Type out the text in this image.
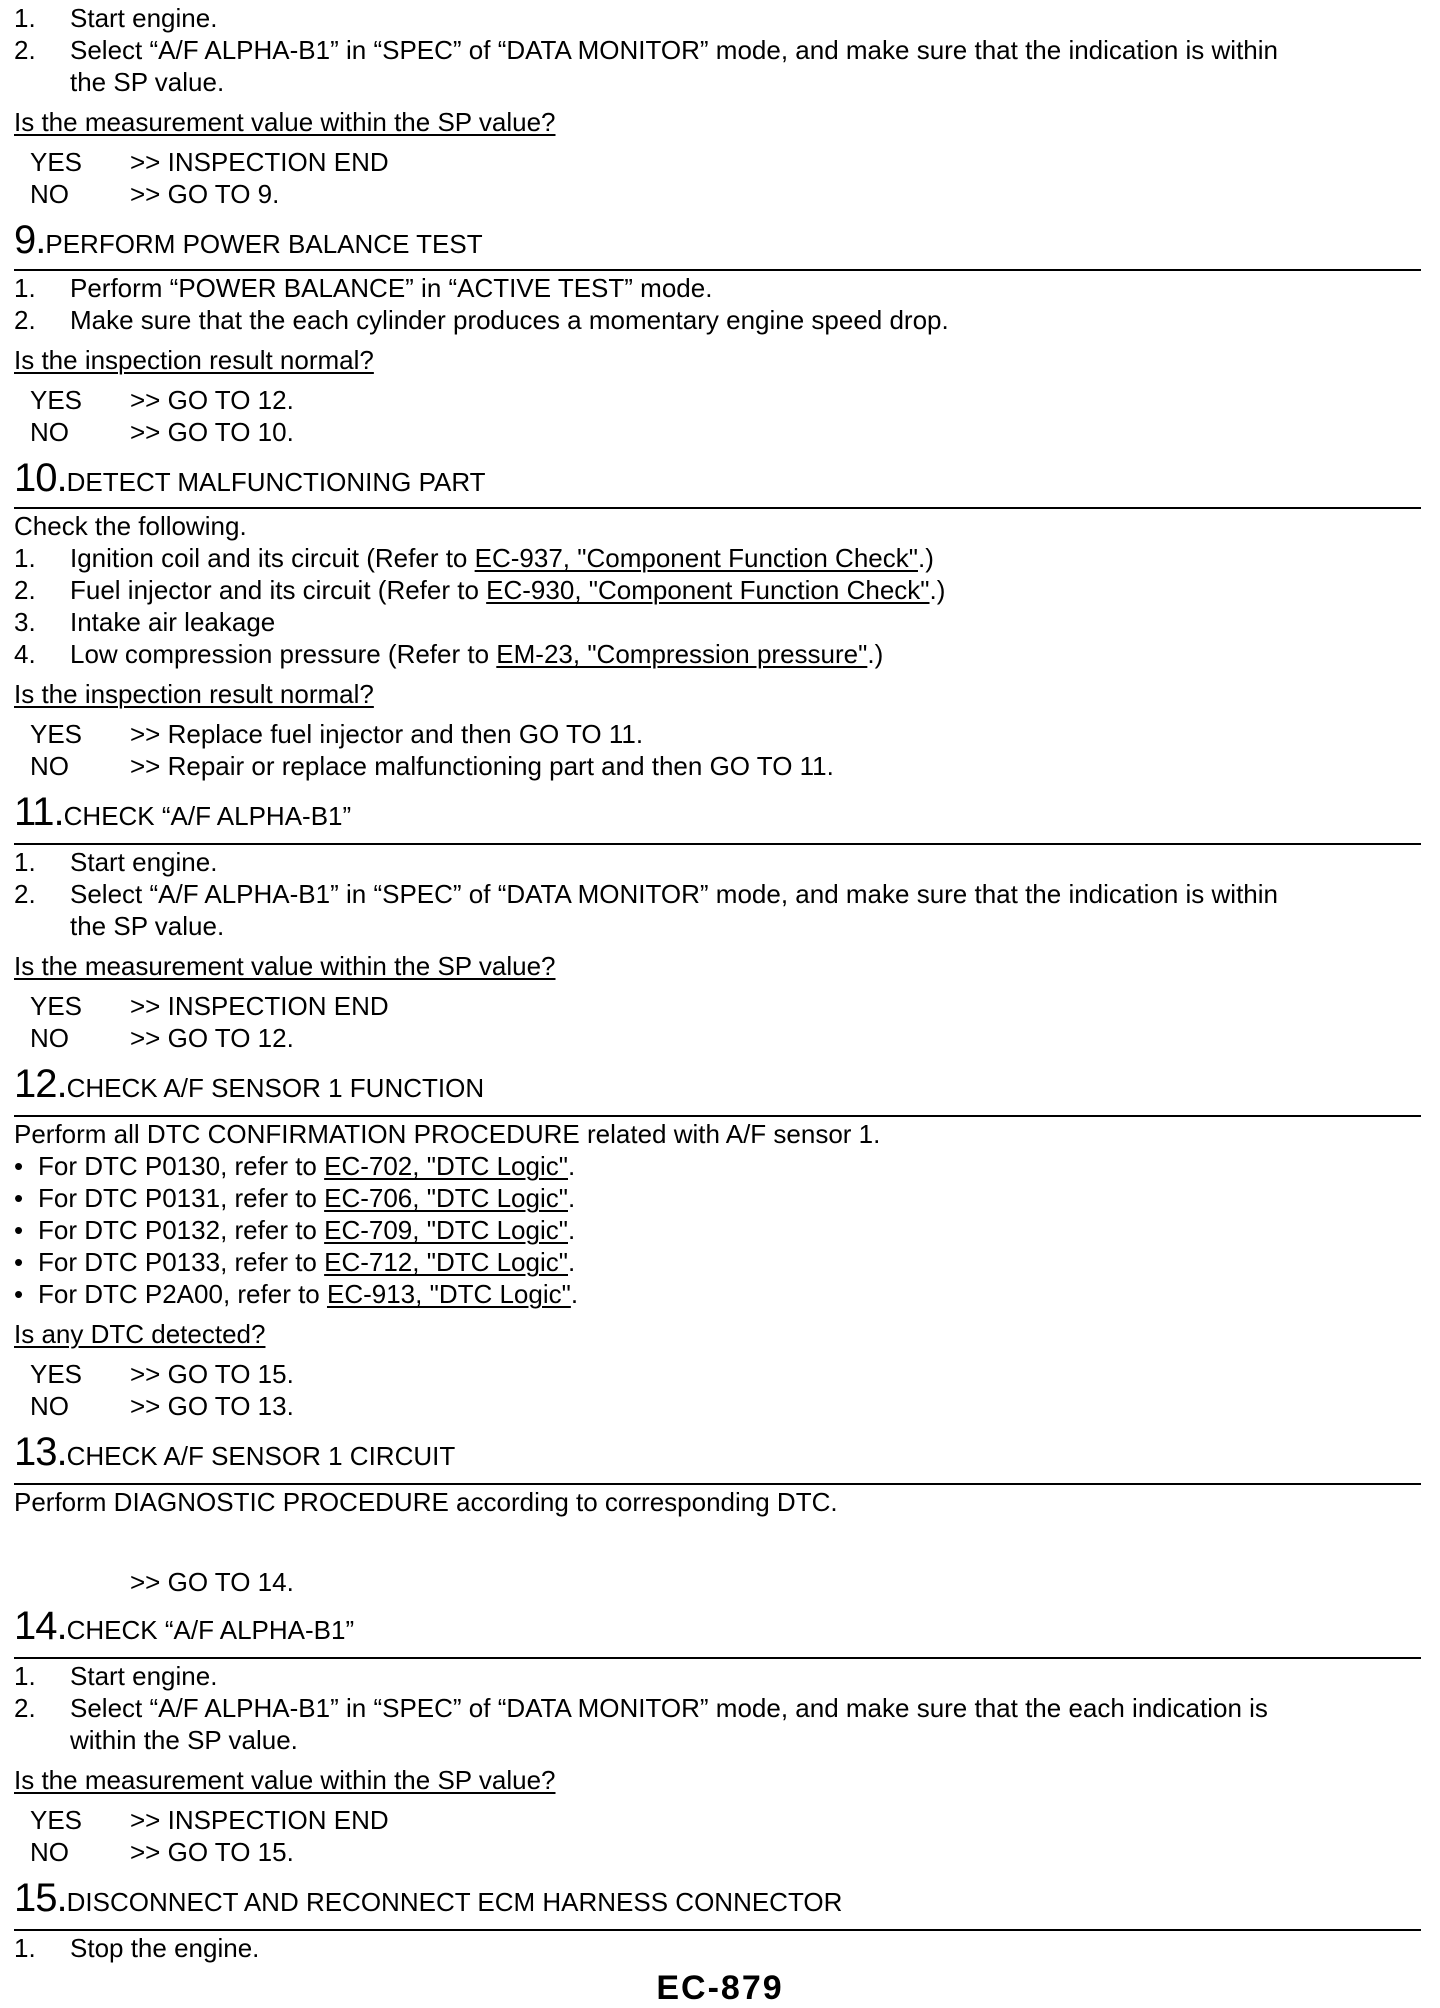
1. Start engine.
2. Select “A/F ALPHA-B1” in “SPEC” of “DATA MONITOR” mode, and make sure that the indication is within
the SP value.
Is the measurement value within the SP value?
YES >> INSPECTION END
NO >> GO TO 9.
9.PERFORM POWER BALANCE TEST
1. Perform “POWER BALANCE” in “ACTIVE TEST” mode.
2. Make sure that the each cylinder produces a momentary engine speed drop.
Is the inspection result normal?
YES >> GO TO 12.
NO >> GO TO 10.
10.DETECT MALFUNCTIONING PART
Check the following.
1. Ignition coil and its circuit (Refer to EC-937, "Component Function Check".)
2. Fuel injector and its circuit (Refer to EC-930, "Component Function Check".)
3. Intake air leakage
4. Low compression pressure (Refer to EM-23, "Compression pressure".)
Is the inspection result normal?
YES >> Replace fuel injector and then GO TO 11.
NO >> Repair or replace malfunctioning part and then GO TO 11.
11.CHECK “A/F ALPHA-B1”
1. Start engine.
2. Select “A/F ALPHA-B1” in “SPEC” of “DATA MONITOR” mode, and make sure that the indication is within
the SP value.
Is the measurement value within the SP value?
YES >> INSPECTION END
NO >> GO TO 12.
12.CHECK A/F SENSOR 1 FUNCTION
Perform all DTC CONFIRMATION PROCEDURE related with A/F sensor 1.
• For DTC P0130, refer to EC-702, "DTC Logic".
• For DTC P0131, refer to EC-706, "DTC Logic".
• For DTC P0132, refer to EC-709, "DTC Logic".
• For DTC P0133, refer to EC-712, "DTC Logic".
• For DTC P2A00, refer to EC-913, "DTC Logic".
Is any DTC detected?
YES >> GO TO 15.
NO >> GO TO 13.
13.CHECK A/F SENSOR 1 CIRCUIT
Perform DIAGNOSTIC PROCEDURE according to corresponding DTC.
>> GO TO 14.
14.CHECK “A/F ALPHA-B1”
1. Start engine.
2. Select “A/F ALPHA-B1” in “SPEC” of “DATA MONITOR” mode, and make sure that the each indication is
within the SP value.
Is the measurement value within the SP value?
YES >> INSPECTION END
NO >> GO TO 15.
15.DISCONNECT AND RECONNECT ECM HARNESS CONNECTOR
1. Stop the engine.
EC-879
